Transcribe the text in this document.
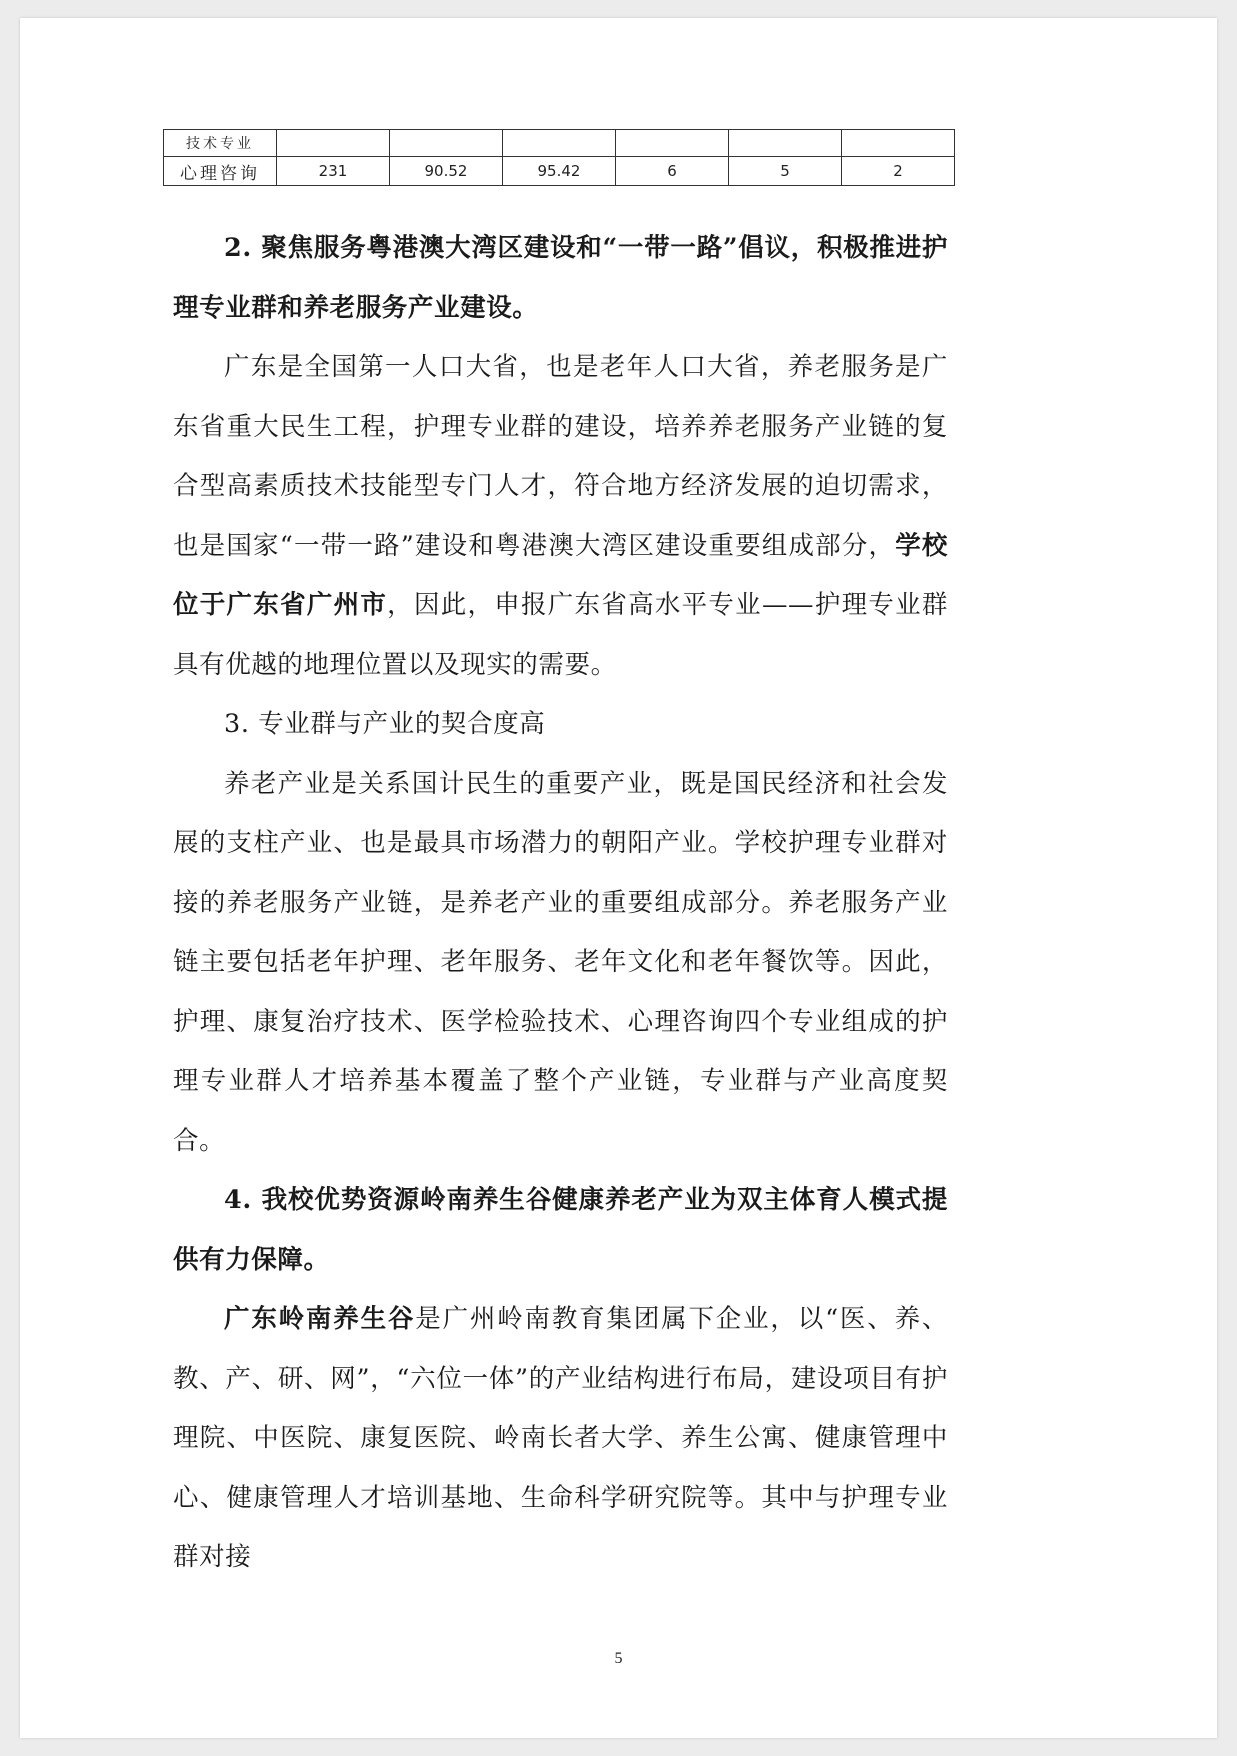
技术专业						
心理咨询	231	90.52	95.42	6	5	2

2. 聚焦服务粤港澳大湾区建设和“一带一路”倡议，积极推进护理专业群和养老服务产业建设。

广东是全国第一人口大省，也是老年人口大省，养老服务是广东省重大民生工程，护理专业群的建设，培养养老服务产业链的复合型高素质技术技能型专门人才，符合地方经济发展的迫切需求，也是国家“一带一路”建设和粤港澳大湾区建设重要组成部分，学校位于广东省广州市，因此，申报广东省高水平专业——护理专业群具有优越的地理位置以及现实的需要。

3. 专业群与产业的契合度高

养老产业是关系国计民生的重要产业，既是国民经济和社会发展的支柱产业、也是最具市场潜力的朝阳产业。学校护理专业群对接的养老服务产业链，是养老产业的重要组成部分。养老服务产业链主要包括老年护理、老年服务、老年文化和老年餐饮等。因此，护理、康复治疗技术、医学检验技术、心理咨询四个专业组成的护理专业群人才培养基本覆盖了整个产业链，专业群与产业高度契合。

4. 我校优势资源岭南养生谷健康养老产业为双主体育人模式提供有力保障。

广东岭南养生谷是广州岭南教育集团属下企业，以“医、养、教、产、研、网”，“六位一体”的产业结构进行布局，建设项目有护理院、中医院、康复医院、岭南长者大学、养生公寓、健康管理中心、健康管理人才培训基地、生命科学研究院等。其中与护理专业群对接

5
